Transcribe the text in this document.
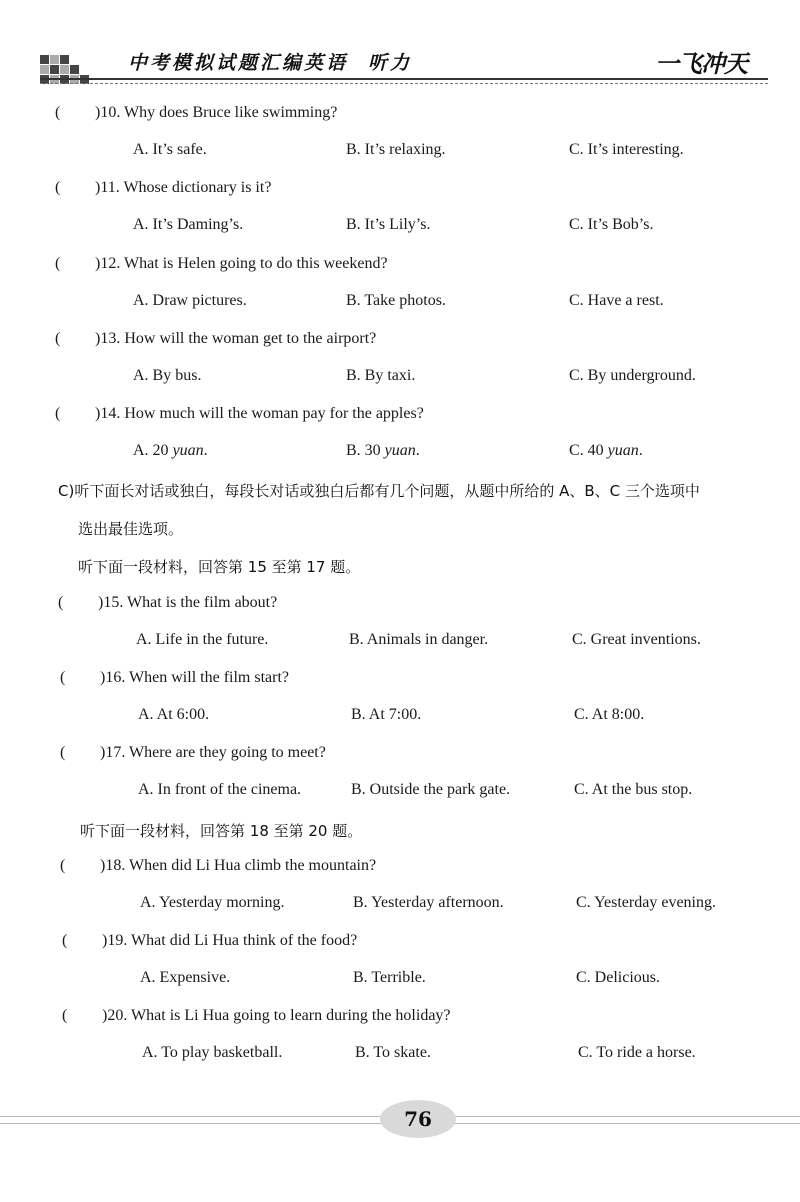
中考模拟试题汇编英语 听力	一飞冲天
( )10. Why does Bruce like swimming?
A. It’s safe.	B. It’s relaxing.	C. It’s interesting.
( )11. Whose dictionary is it?
A. It’s Daming’s.	B. It’s Lily’s.	C. It’s Bob’s.
( )12. What is Helen going to do this weekend?
A. Draw pictures.	B. Take photos.	C. Have a rest.
( )13. How will the woman get to the airport?
A. By bus.	B. By taxi.	C. By underground.
( )14. How much will the woman pay for the apples?
A. 20 yuan.	B. 30 yuan.	C. 40 yuan.
C)听下面长对话或独白，每段长对话或独白后都有几个问题，从题中所给的 A、B、C 三个选项中
选出最佳选项。
听下面一段材料，回答第 15 至第 17 题。
( )15. What is the film about?
A. Life in the future.	B. Animals in danger.	C. Great inventions.
( )16. When will the film start?
A. At 6:00.	B. At 7:00.	C. At 8:00.
( )17. Where are they going to meet?
A. In front of the cinema.	B. Outside the park gate.	C. At the bus stop.
听下面一段材料，回答第 18 至第 20 题。
( )18. When did Li Hua climb the mountain?
A. Yesterday morning.	B. Yesterday afternoon.	C. Yesterday evening.
( )19. What did Li Hua think of the food?
A. Expensive.	B. Terrible.	C. Delicious.
( )20. What is Li Hua going to learn during the holiday?
A. To play basketball.	B. To skate.	C. To ride a horse.
76
